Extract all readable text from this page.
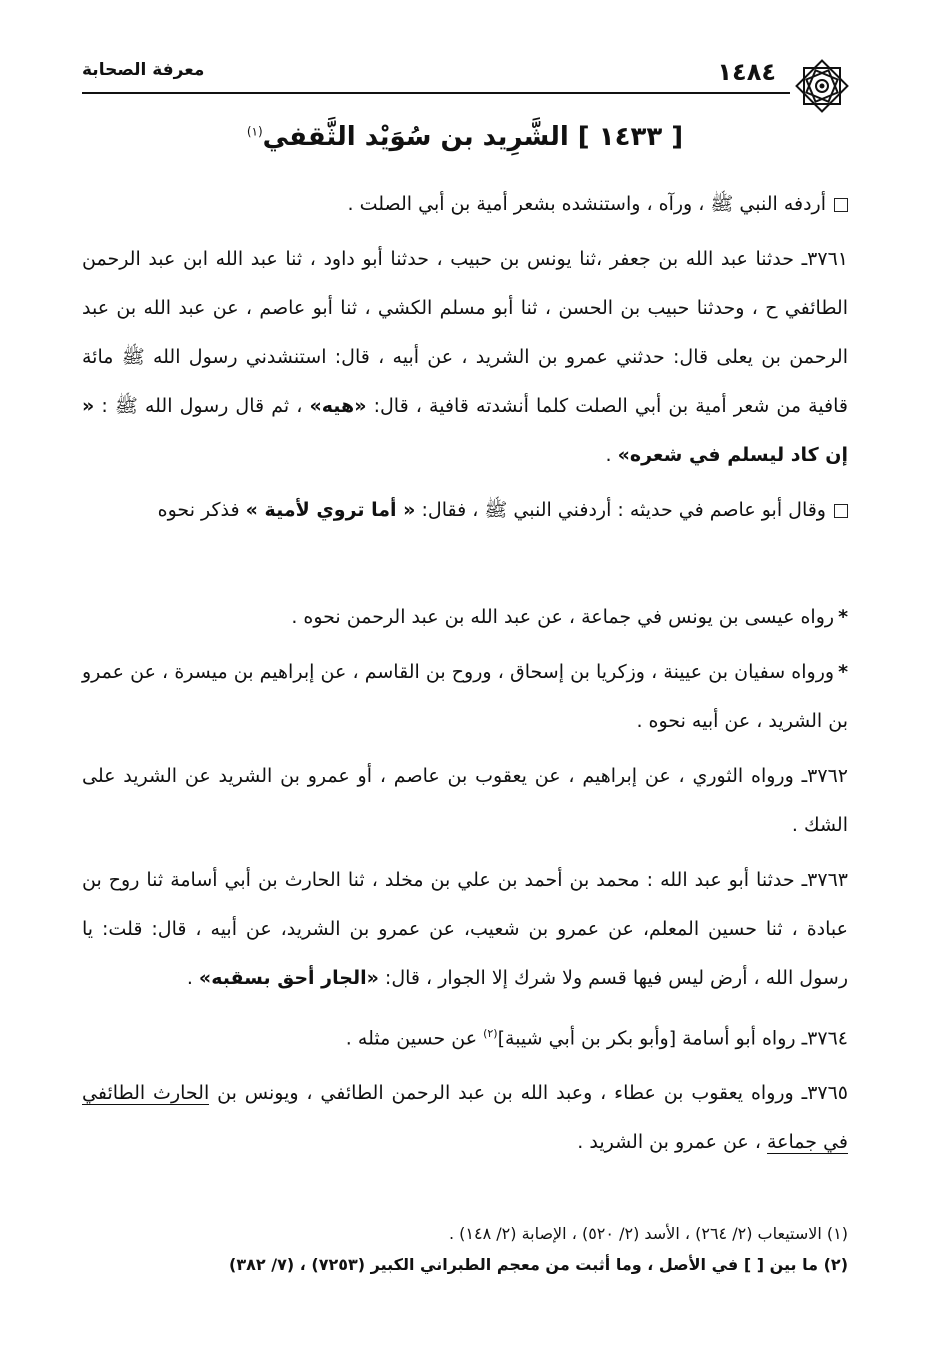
١٤٨٤
معرفة الصحابة
[ ١٤٣٣ ] الشَّرِيد بن سُوَيْد الثَّقفي$^{(١)}$

أردفه النبي ﷺ ، ورآه ، واستنشده بشعر أمية بن أبي الصلت .

٣٧٦١ـ حدثنا عبد الله بن جعفر ،ثنا يونس بن حبيب ، حدثنا أبو داود ، ثنا عبد الله ابن عبد الرحمن الطائفي ح ، وحدثنا حبيب بن الحسن ، ثنا أبو مسلم الكشي ، ثنا أبو عاصم ، عن عبد الله بن عبد الرحمن بن يعلى قال: حدثني عمرو بن الشريد ، عن أبيه ، قال: استنشدني رسول الله ﷺ مائة قافية من شعر أمية بن أبي الصلت كلما أنشدته قافية ، قال: «هيه» ، ثم قال رسول الله ﷺ : « إن كاد ليسلم في شعره» .

وقال أبو عاصم في حديثه : أردفني النبي ﷺ ، فقال: « أما تروي لأمية » فذكر نحوه

*رواه عيسى بن يونس في جماعة ، عن عبد الله بن عبد الرحمن نحوه .

*ورواه سفيان بن عيينة ، وزكريا بن إسحاق ، وروح بن القاسم ، عن إبراهيم بن ميسرة ، عن عمرو بن الشريد ، عن أبيه نحوه .

٣٧٦٢ـ ورواه الثوري ، عن إبراهيم ، عن يعقوب بن عاصم ، أو عمرو بن الشريد عن الشريد على الشك .

٣٧٦٣ـ حدثنا أبو عبد الله : محمد بن أحمد بن علي بن مخلد ، ثنا الحارث بن أبي أسامة ثنا روح بن عبادة ، ثنا حسين المعلم، عن عمرو بن شعيب، عن عمرو بن الشريد، عن أبيه ، قال: قلت: يا رسول الله ، أرض ليس فيها قسم ولا شرك إلا الجوار ، قال: «الجار أحق بسقبه» .

٣٧٦٤ـ رواه أبو أسامة [وأبو بكر بن أبي شيبة]$^{(٢)}$ عن حسين مثله .

٣٧٦٥ـ ورواه يعقوب بن عطاء ، وعبد الله بن عبد الرحمن الطائفي ، ويونس بن الحارث الطائفي في جماعة ، عن عمرو بن الشريد .

(١) الاستيعاب (٢/ ٢٦٤) ، الأسد (٢/ ٥٢٠) ، الإصابة (٢/ ١٤٨) .

(٢) ما بين [ ] في الأصل ، وما أثبت من معجم الطبراني الكبير (٧٢٥٣) ، (٧/ ٣٨٢)
